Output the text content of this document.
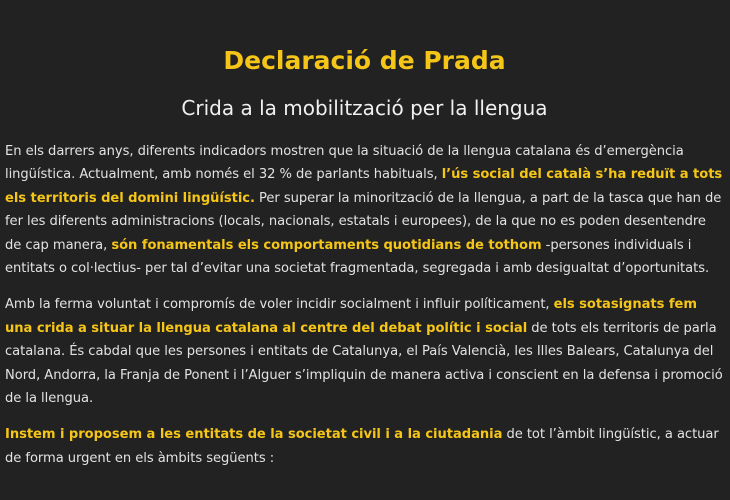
Declaració de Prada
Crida a la mobilització per la llengua

En els darrers anys, diferents indicadors mostren que la situació de la llengua catalana és d’emergència lingüística. Actualment, amb només el 32 % de parlants habituals, l’ús social del català s’ha reduït a tots els territoris del domini lingüístic. Per superar la minorització de la llengua, a part de la tasca que han de fer les diferents administracions (locals, nacionals, estatals i europees), de la que no es poden desentendre de cap manera, són fonamentals els comportaments quotidians de tothom -persones individuals i entitats o col·lectius- per tal d’evitar una societat fragmentada, segregada i amb desigualtat d’oportunitats.

Amb la ferma voluntat i compromís de voler incidir socialment i influir políticament, els sotasignats fem una crida a situar la llengua catalana al centre del debat polític i social de tots els territoris de parla catalana. És cabdal que les persones i entitats de Catalunya, el País Valencià, les Illes Balears, Catalunya del Nord, Andorra, la Franja de Ponent i l’Alguer s’impliquin de manera activa i conscient en la defensa i promoció de la llengua.

Instem i proposem a les entitats de la societat civil i a la ciutadania de tot l’àmbit lingüístic, a actuar de forma urgent en els àmbits següents :
